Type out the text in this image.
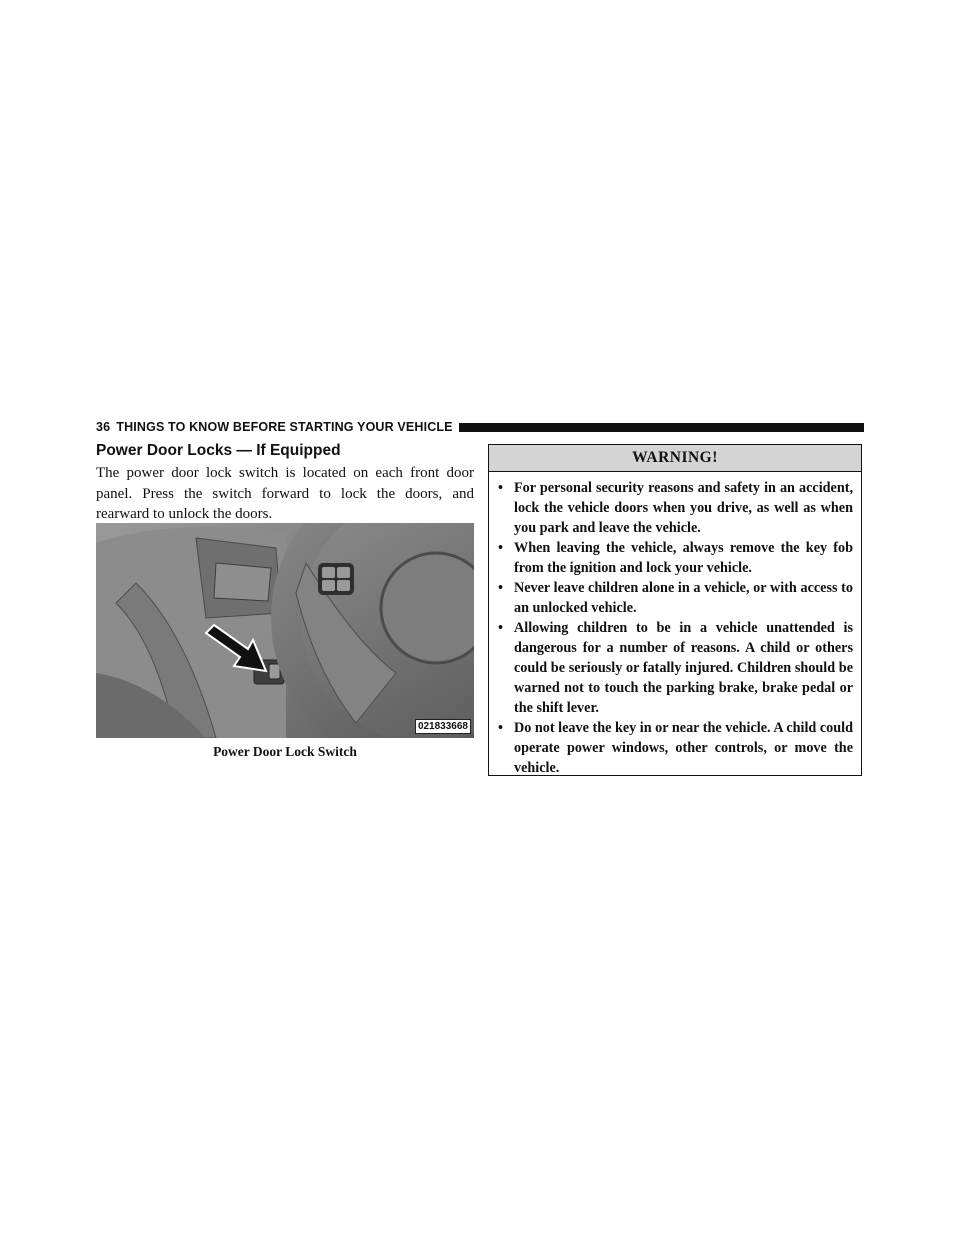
36 THINGS TO KNOW BEFORE STARTING YOUR VEHICLE
Power Door Locks — If Equipped

The power door lock switch is located on each front door panel. Press the switch forward to lock the doors, and rearward to unlock the doors.

021833668
Power Door Lock Switch
WARNING!
• For personal security reasons and safety in an accident, lock the vehicle doors when you drive, as well as when you park and leave the vehicle.
• When leaving the vehicle, always remove the key fob from the ignition and lock your vehicle.
• Never leave children alone in a vehicle, or with access to an unlocked vehicle.
• Allowing children to be in a vehicle unattended is dangerous for a number of reasons. A child or others could be seriously or fatally injured. Children should be warned not to touch the parking brake, brake pedal or the shift lever.
• Do not leave the key in or near the vehicle. A child could operate power windows, other controls, or move the vehicle.
